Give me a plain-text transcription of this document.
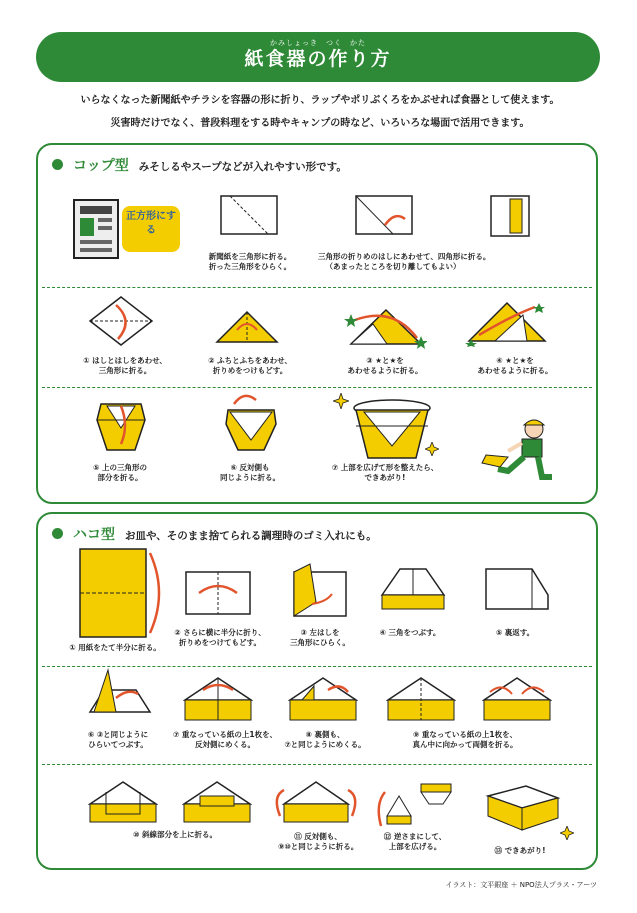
かみしょっき　つく　かた
紙食器の作り方
いらなくなった新聞紙やチラシを容器の形に折り、ラップやポリぶくろをかぶせれば食器として使えます。
災害時だけでなく、普段料理をする時やキャンプの時など、いろいろな場面で活用できます。
コップ型 みそしるやスープなどが入れやすい形です。
正方形にする
新聞紙を三角形に折る。
折った三角形をひらく。
三角形の折りめのはしにあわせて、四角形に折る。
（あまったところを切り離してもよい）
① はしとはしをあわせ、
三角形に折る。
② ふちとふちをあわせ、
折りめをつけもどす。
③ ★と★を
あわせるように折る。
④ ★と★を
あわせるように折る。
⑤ 上の三角形の
部分を折る。
⑥ 反対側も
同じように折る。
⑦ 上部を広げて形を整えたら、
できあがり!
ハコ型 お皿や、そのまま捨てられる調理時のゴミ入れにも。
① 用紙をたて半分に折る。
② さらに横に半分に折り、
折りめをつけてもどす。
③ 左はしを
三角形にひらく。
④ 三角をつぶす。	⑤ 裏返す。
⑥ ③と同じように
ひらいてつぶす。
⑦ 重なっている紙の上1枚を、
反対側にめくる。
⑧ 裏側も、
⑦と同じようにめくる。
⑨ 重なっている紙の上1枚を、
真ん中に向かって両側を折る。
⑩ 斜線部分を上に折る。	⑪ 反対側も、
⑨⑩と同じように折る。
⑫ 逆さまにして、
上部を広げる。	⑬ できあがり!
イラスト：文平銀座 ＋ NPO法人プラス・アーツ
